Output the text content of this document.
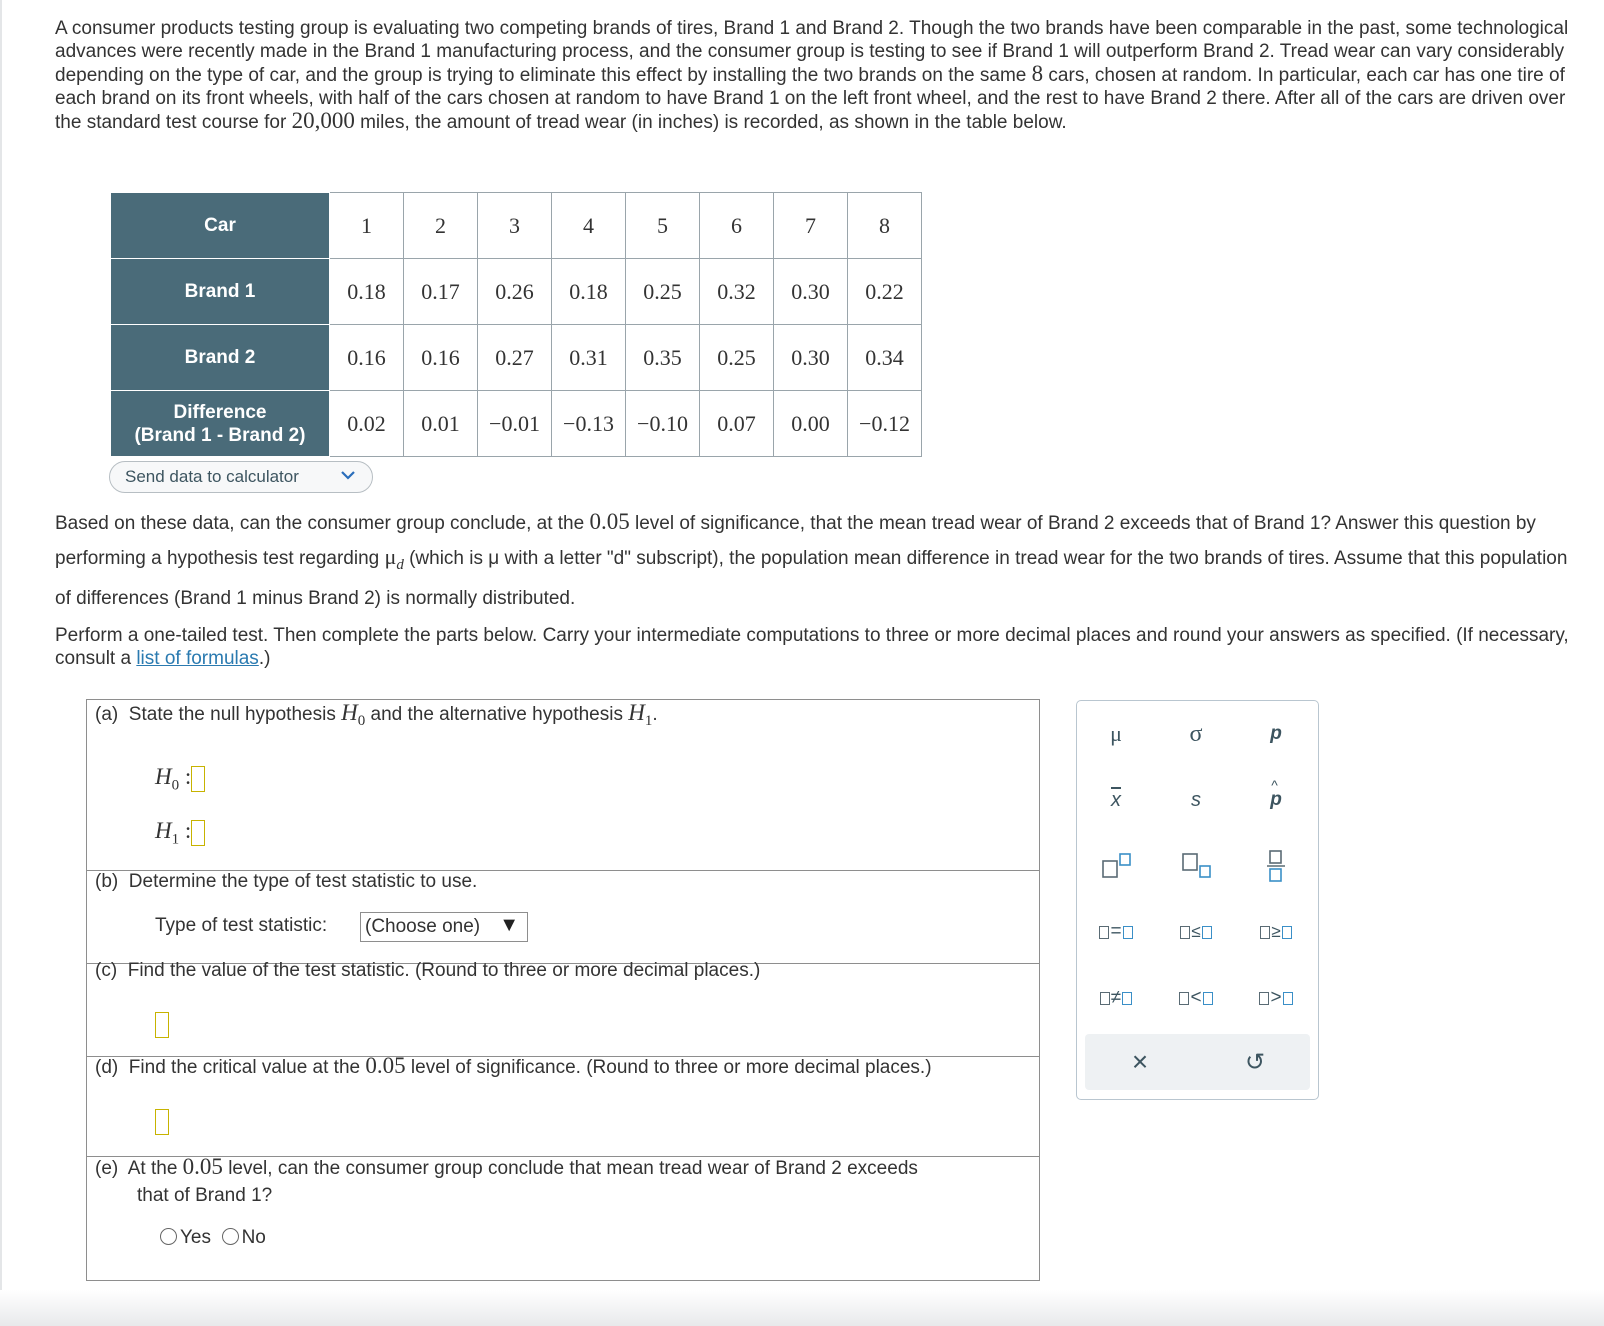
A consumer products testing group is evaluating two competing brands of tires, Brand 1 and Brand 2. Though the two brands have been comparable in the past, some technological advances were recently made in the Brand 1 manufacturing process, and the consumer group is testing to see if Brand 1 will outperform Brand 2. Tread wear can vary considerably depending on the type of car, and the group is trying to eliminate this effect by installing the two brands on the same 8 cars, chosen at random. In particular, each car has one tire of each brand on its front wheels, with half of the cars chosen at random to have Brand 1 on the left front wheel, and the rest to have Brand 2 there. After all of the cars are driven over the standard test course for 20,000 miles, the amount of tread wear (in inches) is recorded, as shown in the table below.
Car	1	2	3	4	5	6	7	8
Brand 1	0.18	0.17	0.26	0.18	0.25	0.32	0.30	0.22
Brand 2	0.16	0.16	0.27	0.31	0.35	0.25	0.30	0.34
Difference
(Brand 1 - Brand 2)	0.02	0.01	−0.01	−0.13	−0.10	0.07	0.00	−0.12
Send data to calculator
Based on these data, can the consumer group conclude, at the 0.05 level of significance, that the mean tread wear of Brand 2 exceeds that of Brand 1? Answer this question by performing a hypothesis test regarding $\mu_d$ (which is μ with a letter "d" subscript), the population mean difference in tread wear for the two brands of tires. Assume that this population of differences (Brand 1 minus Brand 2) is normally distributed.
Perform a one-tailed test. Then complete the parts below. Carry your intermediate computations to three or more decimal places and round your answers as specified. (If necessary, consult a list of formulas.)
(a) State the null hypothesis $H_0$ and the alternative hypothesis $H_1$.
$H_0$ :
$H_1$ :
(b) Determine the type of test statistic to use.
Type of test statistic: (Choose one) ▼
(c) Find the value of the test statistic. (Round to three or more decimal places.)
(d) Find the critical value at the 0.05 level of significance. (Round to three or more decimal places.)
(e) At the 0.05 level, can the consumer group conclude that mean tread wear of Brand 2 exceeds
that of Brand 1?
Yes No
μ	σ	p
$\overline{x}$	s	p
^
=	≤	≥
≠	<	>
×	↺
